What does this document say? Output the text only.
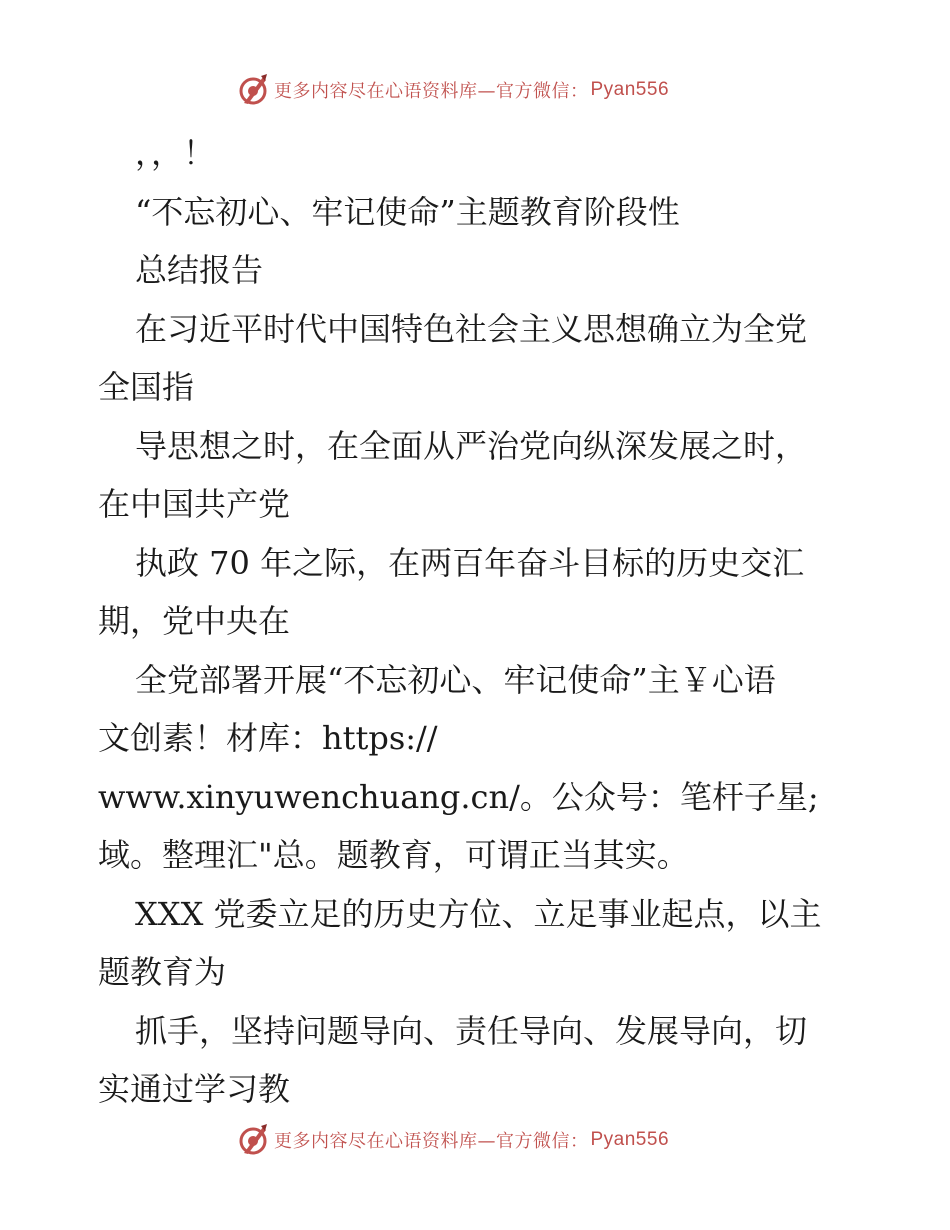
更多内容尽在心语资料库—官方微信： Pyan556

，，！

“不忘初心、牢记使命”主题教育阶段性

总结报告

在习近平时代中国特色社会主义思想确立为全党

全国指

导思想之时，在全面从严治党向纵深发展之时，

在中国共产党

执政 70 年之际，在两百年奋斗目标的历史交汇

期，党中央在

全党部署开展“不忘初心、牢记使命”主￥心语

文创素！材库：https://

www.xinyuwenchuang.cn/。公众号：笔杆子星;

域。整理汇"总。题教育，可谓正当其实。

XXX 党委立足的历史方位、立足事业起点，以主

题教育为

抓手，坚持问题导向、责任导向、发展导向，切

实通过学习教

更多内容尽在心语资料库—官方微信： Pyan556
